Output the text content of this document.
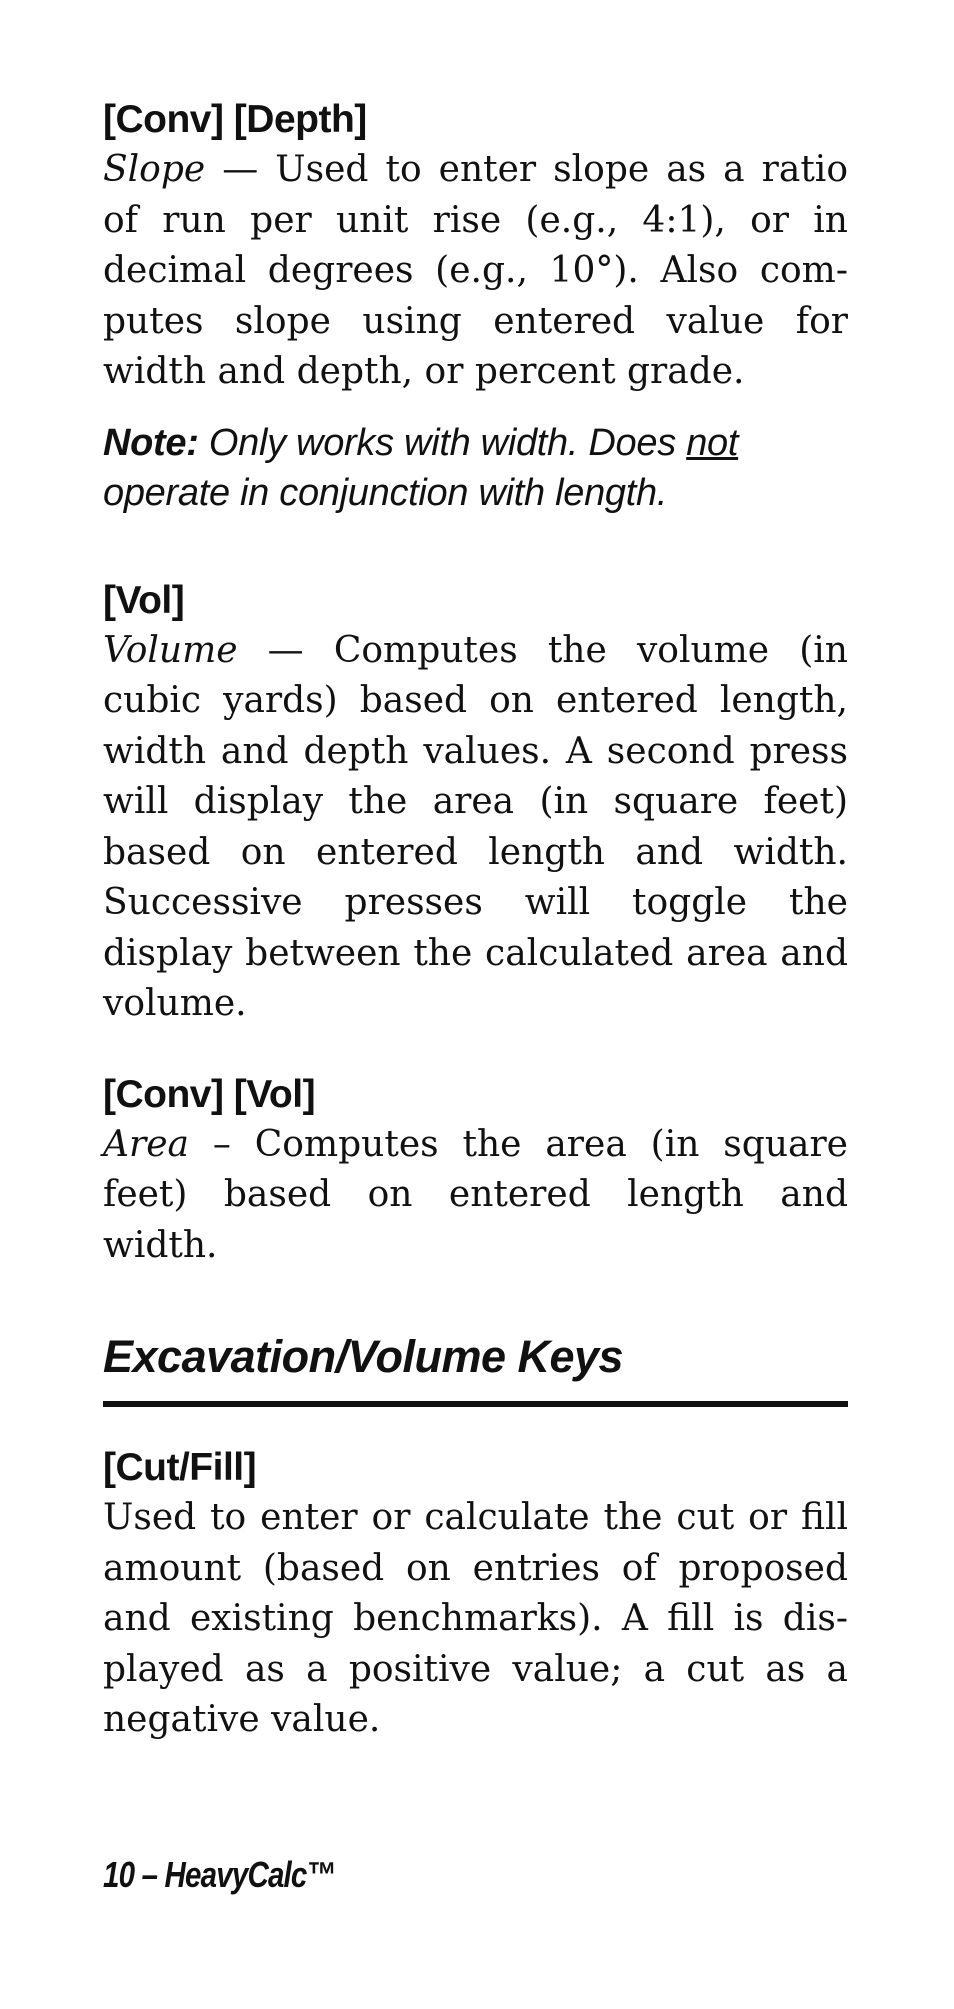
[Conv] [Depth]

Slope — Used to enter slope as a ratio of run per unit rise (e.g., 4:1), or in decimal degrees (e.g., 10°). Also computes slope using entered value for width and depth, or percent grade.

Note: Only works with width. Does not operate in conjunction with length.

[Vol]

Volume — Computes the volume (in cubic yards) based on entered length, width and depth values. A second press will display the area (in square feet) based on entered length and width. Successive presses will toggle the display between the calculated area and volume.

[Conv] [Vol]

Area – Computes the area (in square feet) based on entered length and width.

Excavation/Volume Keys
[Cut/Fill]

Used to enter or calculate the cut or fill amount (based on entries of proposed and existing benchmarks). A fill is displayed as a positive value; a cut as a negative value.

10 – HeavyCalc™
